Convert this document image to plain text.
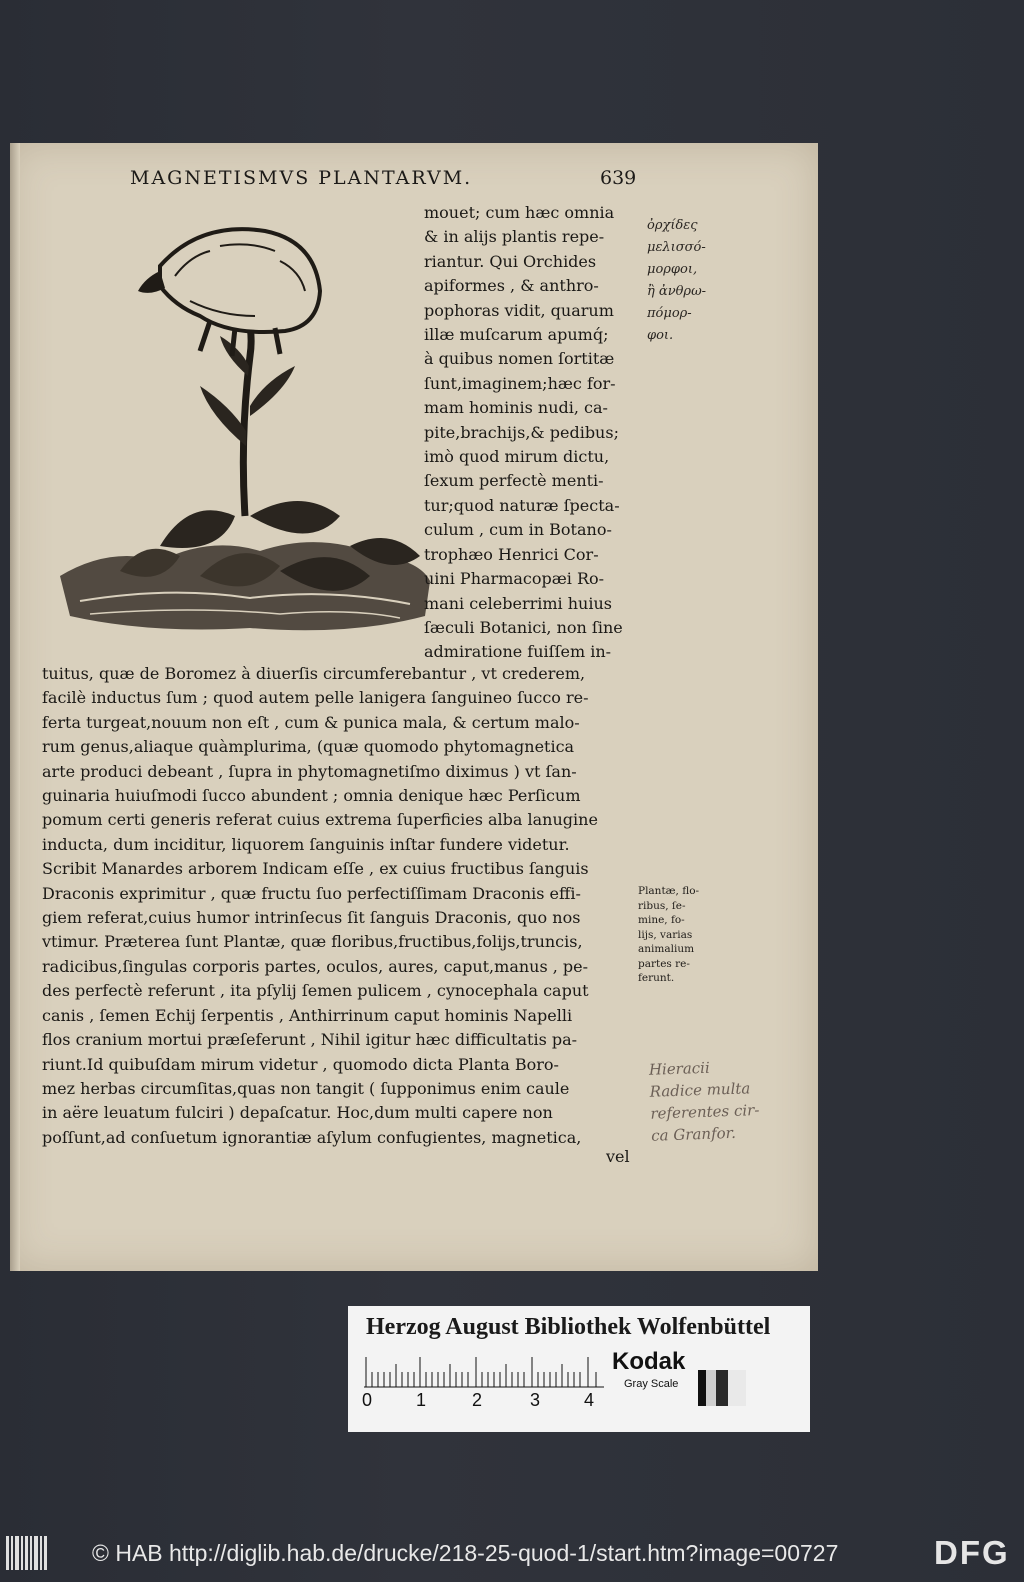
MAGNETISMVS PLANTARVM.	639
mouet; cum hæc omnia
& in alijs plantis repe-
riantur. Qui Orchides
apiformes , & anthro-
pophoras vidit, quarum
illæ muſcarum apumq́;
à quibus nomen ſortitæ
ſunt,imaginem;hæc for-
mam hominis nudi, ca-
pite,brachijs,& pedibus;
imò quod mirum dictu,
ſexum perfectè menti-
tur;quod naturæ ſpecta-
culum , cum in Botano-
trophæo Henrici Cor-
uini Pharmacopæi Ro-
mani celeberrimi huius
ſæculi Botanici, non ſine
admiratione fuiſſem in-
ὀρχίδες
μελισσό-
μορφοι,
ἢ ἀνθρω-
πόμορ-
φοι.
tuitus, quæ de Boromez à diuerſis circumferebantur , vt crederem,
facilè inductus ſum ; quod autem pelle lanigera ſanguineo ſucco re-
ferta turgeat,nouum non eſt , cum & punica mala, & certum malo-
rum genus,aliaque quàmplurima, (quæ quomodo phytomagnetica
arte produci debeant , ſupra in phytomagnetiſmo diximus ) vt ſan-
guinaria huiuſmodi ſucco abundent ; omnia denique hæc Perſicum
pomum certi generis referat cuius extrema ſuperficies alba lanugine
inducta, dum inciditur, liquorem ſanguinis inſtar fundere videtur.
Scribit Manardes arborem Indicam eſſe , ex cuius fructibus ſanguis
Draconis exprimitur , quæ fructu ſuo perfectiſſimam Draconis effi-
giem referat,cuius humor intrinſecus ſit ſanguis Draconis, quo nos
vtimur. Præterea ſunt Plantæ, quæ floribus,fructibus,folijs,truncis,
radicibus,ſingulas corporis partes, oculos, aures, caput,manus , pe-
des perfectè referunt , ita pſylij ſemen pulicem , cynocephala caput
canis , ſemen Echij ſerpentis , Anthirrinum caput hominis Napelli
flos cranium mortui præſeferunt , Nihil igitur hæc difficultatis pa-
riunt.Id quibuſdam mirum videtur , quomodo dicta Planta Boro-
mez herbas circumſitas,quas non tangit ( ſupponimus enim caule
in aëre leuatum fulciri ) depaſcatur. Hoc,dum multi capere non
poſſunt,ad conſuetum ignorantiæ aſylum confugientes, magnetica,
Plantæ, flo-
ribus, ſe-
mine, fo-
lijs, varias
animalium
partes re-
ferunt.
Hieracii
Radice multa
referentes cir-
ca Granfor.
vel
Herzog August Bibliothek Wolfenbüttel
0 1	2	3 4
Kodak
Gray Scale
© HAB http://diglib.hab.de/drucke/218-25-quod-1/start.htm?image=00727	DFG
